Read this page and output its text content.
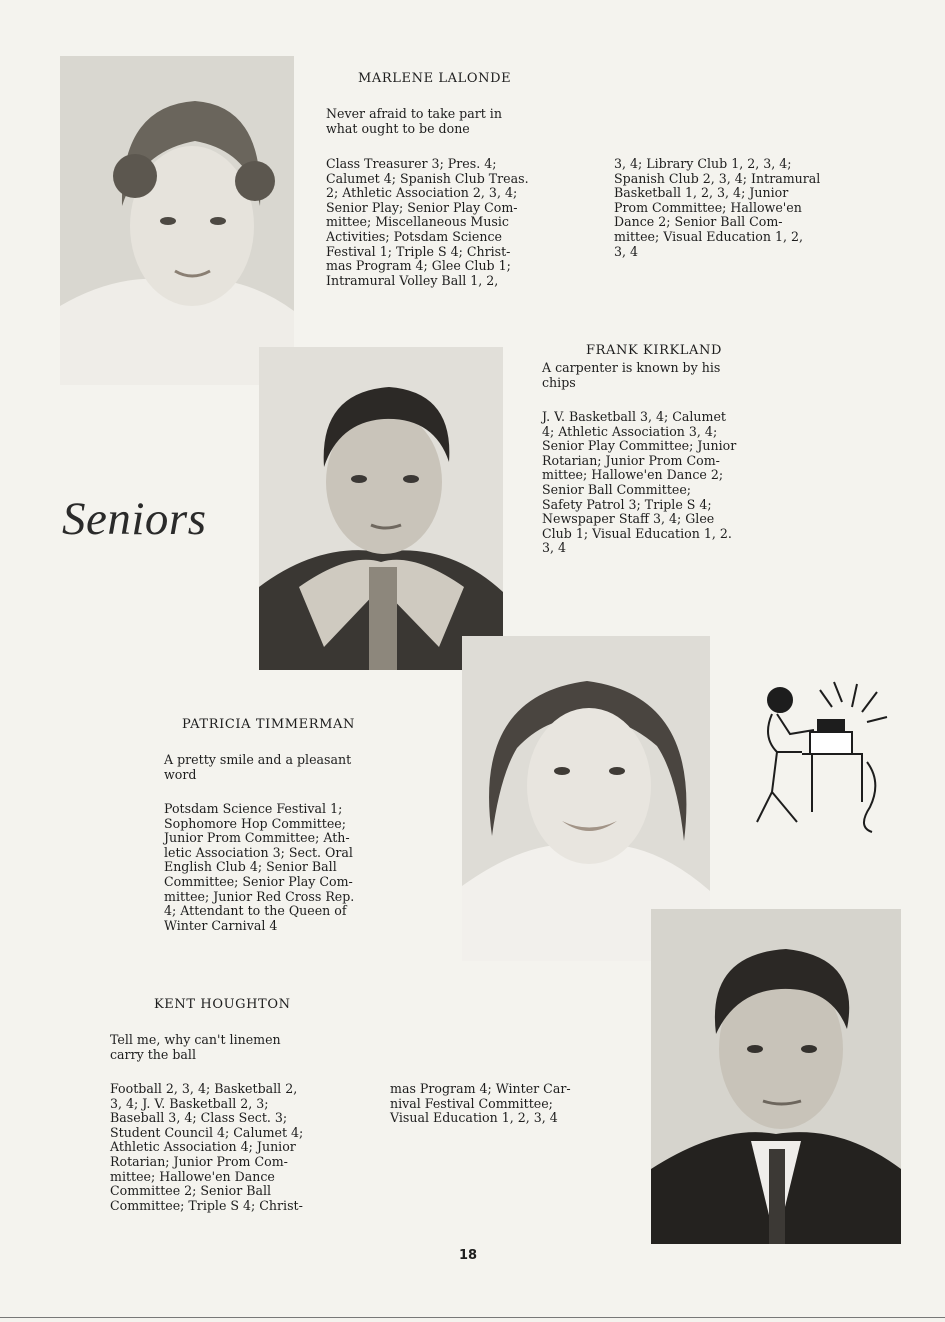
Seniors
MARLENE LALONDE
Never afraid to take part in
what ought to be done
Class Treasurer 3; Pres. 4;
Calumet 4; Spanish Club Treas.
2; Athletic Association 2, 3, 4;
Senior Play; Senior Play Com-
mittee; Miscellaneous Music
Activities; Potsdam Science
Festival 1; Triple S 4; Christ-
mas Program 4; Glee Club 1;
Intramural Volley Ball 1, 2,
3, 4; Library Club 1, 2, 3, 4;
Spanish Club 2, 3, 4; Intramural
Basketball 1, 2, 3, 4; Junior
Prom Committee; Hallowe'en
Dance 2; Senior Ball Com-
mittee; Visual Education 1, 2,
3, 4
FRANK KIRKLAND
A carpenter is known by his
chips
J. V. Basketball 3, 4; Calumet
4; Athletic Association 3, 4;
Senior Play Committee; Junior
Rotarian; Junior Prom Com-
mittee; Hallowe'en Dance 2;
Senior Ball Committee;
Safety Patrol 3; Triple S 4;
Newspaper Staff 3, 4; Glee
Club 1; Visual Education 1, 2.
3, 4
PATRICIA TIMMERMAN
A pretty smile and a pleasant
word
Potsdam Science Festival 1;
Sophomore Hop Committee;
Junior Prom Committee; Ath-
letic Association 3; Sect. Oral
English Club 4; Senior Ball
Committee; Senior Play Com-
mittee; Junior Red Cross Rep.
4; Attendant to the Queen of
Winter Carnival 4
KENT HOUGHTON
Tell me, why can't linemen
carry the ball
Football 2, 3, 4; Basketball 2,
3, 4; J. V. Basketball 2, 3;
Baseball 3, 4; Class Sect. 3;
Student Council 4; Calumet 4;
Athletic Association 4; Junior
Rotarian; Junior Prom Com-
mittee; Hallowe'en Dance
Committee 2; Senior Ball
Committee; Triple S 4; Christ-
mas Program 4; Winter Car-
nival Festival Committee;
Visual Education 1, 2, 3, 4
18
